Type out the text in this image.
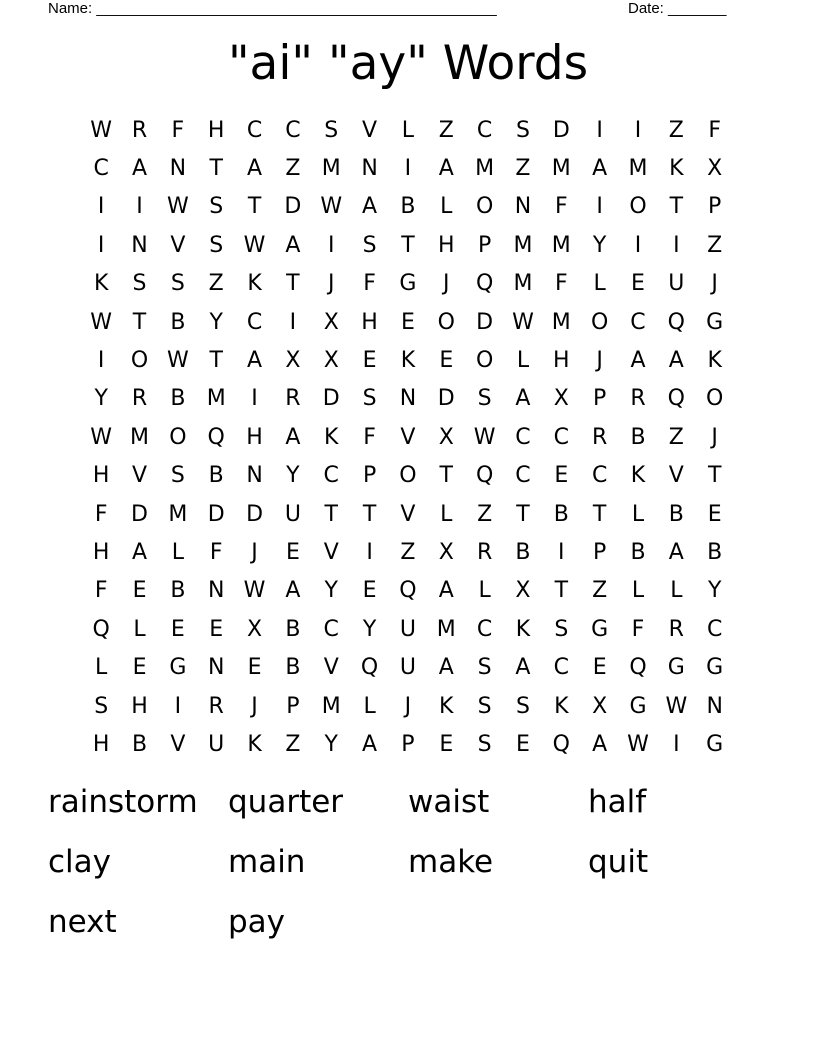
Name: ________________________________________________	Date: _______
"ai" "ay" Words
W R	F	H	C	C	S	V	L	Z	C	S	D	I	I	Z	F
C	A	N	T	A	Z M N	I	A M Z M A M K	X
I	I	W S	T	D W A	B	L	O N	F	I	O	T	P
I	N	V	S W A	I	S	T	H	P	M M	Y	I	I	Z
K	S	S	Z	K	T	J	F	G	J	Q M	F	L	E	U	J
W T	B	Y	C	I	X	H	E	O D W M O	C Q G
I	O W T	A	X	X	E	K	E	O	L	H	J	A	A	K
Y	R	B M	I	R	D	S	N D	S	A	X	P	R	Q O
W M O Q H	A	K	F	V	X W C	C	R	B	Z	J
H	V	S	B	N	Y	C	P	O	T	Q	C	E	C	K	V	T
F	D M D D U	T	T	V	L	Z	T	B	T	L	B	E
H	A	L	F	J	E	V	I	Z	X	R	B	I	P	B	A	B
F	E	B	N W A	Y	E	Q	A	L	X	T	Z	L	L	Y
Q	L	E	E	X	B	C	Y	U M C	K	S	G	F	R	C
L	E	G N	E	B	V	Q U	A	S	A	C	E	Q G G
S	H	I	R	J	P	M	L	J	K	S	S	K	X	G W N
H	B	V	U	K	Z	Y	A	P	E	S	E	Q	A W	I	G
rainstorm quarter	waist	half
clay	main	make	quit
next	pay
